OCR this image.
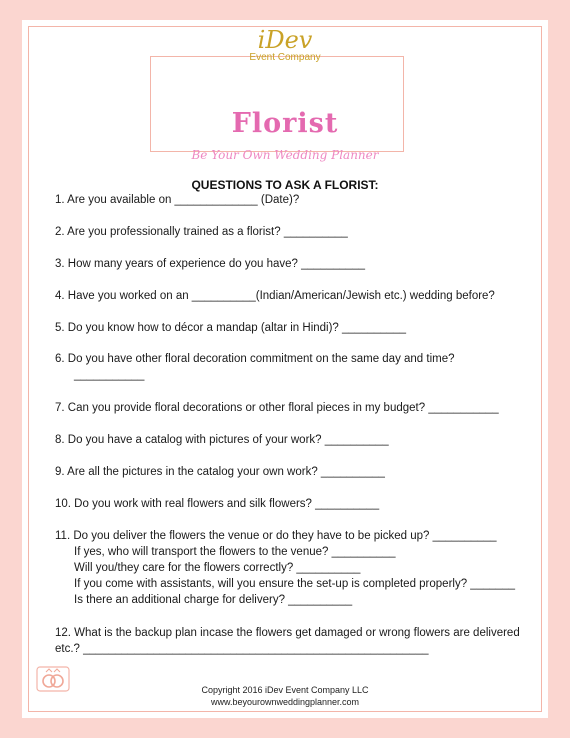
iDev
Event Company
Florist
Be Your Own Wedding Planner
QUESTIONS TO ASK A FLORIST:
1. Are you available on _____________ (Date)?
2. Are you professionally trained as a florist? __________
3. How many years of experience do you have? __________
4. Have you worked on an __________(Indian/American/Jewish etc.) wedding before?
5. Do you know how to décor a mandap (altar in Hindi)? __________
6. Do you have other floral decoration commitment on the same day and time?
___________
7. Can you provide floral decorations or other floral pieces in my budget? ___________
8. Do you have a catalog with pictures of your work? __________
9. Are all the pictures in the catalog your own work? __________
10. Do you work with real flowers and silk flowers? __________
11. Do you deliver the flowers the venue or do they have to be picked up? __________
If yes, who will transport the flowers to the venue? __________
Will you/they care for the flowers correctly? __________
If you come with assistants, will you ensure the set-up is completed properly? _______
Is there an additional charge for delivery? __________
12. What is the backup plan incase the flowers get damaged or wrong flowers are delivered
etc.? ______________________________________________________
Copyright 2016 iDev Event Company LLC
www.beyourownweddingplanner.com
